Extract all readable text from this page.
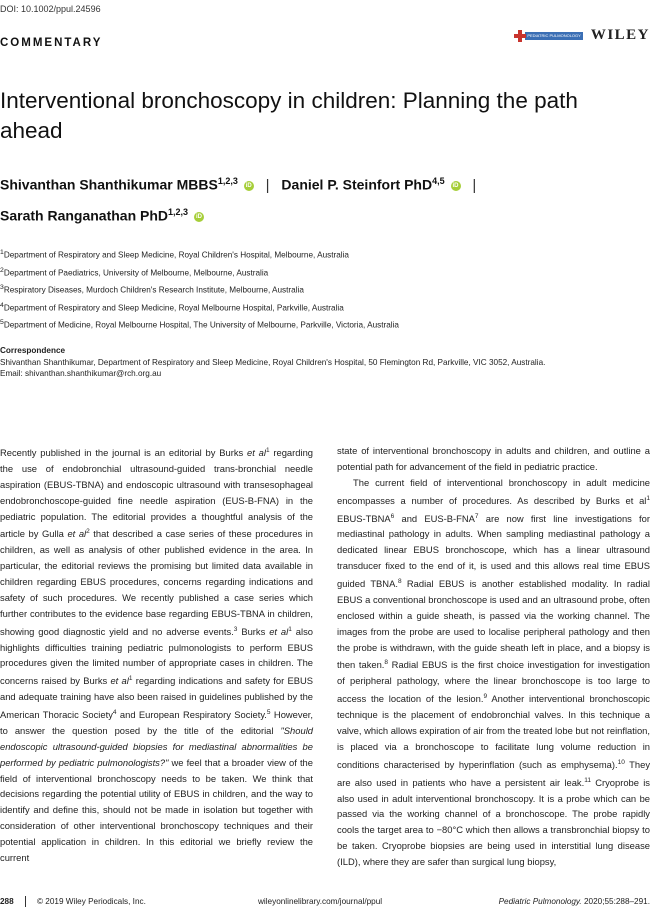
DOI: 10.1002/ppul.24596
COMMENTARY
PEDIATRIC PULMONOLOGY WILEY
Interventional bronchoscopy in children: Planning the path ahead
Shivanthan Shanthikumar MBBS$^{1,2,3}$ iD | Daniel P. Steinfort PhD$^{4,5}$ iD |
Sarath Ranganathan PhD$^{1,2,3}$ iD
$^1$Department of Respiratory and Sleep Medicine, Royal Children's Hospital, Melbourne, Australia
$^2$Department of Paediatrics, University of Melbourne, Melbourne, Australia
$^3$Respiratory Diseases, Murdoch Children's Research Institute, Melbourne, Australia
$^4$Department of Respiratory and Sleep Medicine, Royal Melbourne Hospital, Parkville, Australia
$^5$Department of Medicine, Royal Melbourne Hospital, The University of Melbourne, Parkville, Victoria, Australia
Correspondence
Shivanthan Shanthikumar, Department of Respiratory and Sleep Medicine, Royal Children's Hospital, 50 Flemington Rd, Parkville, VIC 3052, Australia.
Email: shivanthan.shanthikumar@rch.org.au

Recently published in the journal is an editorial by Burks et $al^1$ regarding the use of endobronchial ultrasound-guided trans-bronchial needle aspiration (EBUS-TBNA) and endoscopic ultrasound with transesophageal endobronchoscope-guided fine needle aspiration (EUS-B-FNA) in the pediatric population. The editorial provides a thoughtful analysis of the article by Gulla et $al^2$ that described a case series of these procedures in children, as well as analysis of other published evidence in the area. In particular, the editorial reviews the promising but limited data available in children regarding EBUS procedures, concerns regarding indications and safety of such procedures. We recently published a case series which further contributes to the evidence base regarding EBUS-TBNA in children, showing good diagnostic yield and no adverse events.$^3$ Burks et $al^1$ also highlights difficulties training pediatric pulmonologists to perform EBUS procedures given the limited number of appropriate cases in children. The concerns raised by Burks et $al^1$ regarding indications and safety for EBUS and adequate training have also been raised in guidelines published by the American Thoracic Society$^4$ and European Respiratory Society.$^5$ However, to answer the question posed by the title of the editorial "Should endoscopic ultrasound-guided biopsies for mediastinal abnormalities be performed by pediatric pulmonologists?" we feel that a broader view of the field of interventional bronchoscopy needs to be taken. We think that decisions regarding the potential utility of EBUS in children, and the way to identify and define this, should not be made in isolation but together with consideration of other interventional bronchoscopy techniques and their potential application in children. In this editorial we briefly review the current

state of interventional bronchoscopy in adults and children, and outline a potential path for advancement of the field in pediatric practice.

The current field of interventional bronchoscopy in adult medicine encompasses a number of procedures. As described by Burks et $al^1$ EBUS-TBNA$^6$ and EUS-B-FNA$^7$ are now first line investigations for mediastinal pathology in adults. When sampling mediastinal pathology a dedicated linear EBUS bronchoscope, which has a linear ultrasound transducer fixed to the end of it, is used and this allows real time EBUS guided TBNA.$^8$ Radial EBUS is another established modality. In radial EBUS a conventional bronchoscope is used and an ultrasound probe, often enclosed within a guide sheath, is passed via the working channel. The images from the probe are used to localise peripheral pathology and then the probe is withdrawn, with the guide sheath left in place, and a biopsy is then taken.$^8$ Radial EBUS is the first choice investigation for investigation of peripheral pathology, where the linear bronchoscope is too large to access the location of the lesion.$^9$ Another interventional bronchoscopic technique is the placement of endobronchial valves. In this technique a valve, which allows expiration of air from the treated lobe but not reinflation, is placed via a bronchoscope to facilitate lung volume reduction in conditions characterised by hyperinflation (such as emphysema).$^{10}$ They are also used in patients who have a persistent air leak.$^{11}$ Cryoprobe is also used in adult interventional bronchoscopy. It is a probe which can be passed via the working channel of a bronchoscope. The probe rapidly cools the target area to −80°C which then allows a transbronchial biopsy to be taken. Cryoprobe biopsies are being used in interstitial lung disease (ILD), where they are safer than surgical lung biopsy,

288	© 2019 Wiley Periodicals, Inc.	wileyonlinelibrary.com/journal/ppul	Pediatric Pulmonology. 2020;55:288–291.
